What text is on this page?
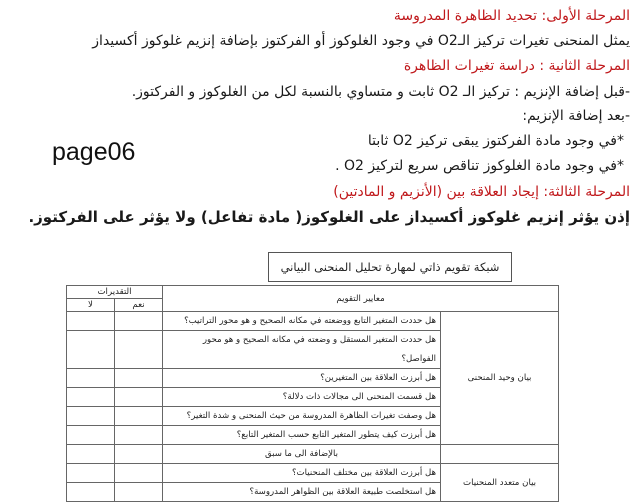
المرحلة الأولى: تحديد الظاهرة المدروسة
يمثل المنحنى تغيرات تركيز الـO2 في وجود الغلوكوز أو الفركتوز بإضافة إنزيم غلوكوز أكسيداز
المرحلة الثانية : دراسة تغيرات الظاهرة
-قبل إضافة الإنزيم : تركيز الـ O2 ثابت و متساوي بالنسبة لكل من الغلوكوز و الفركتوز.
-بعد إضافة الإنزيم:
*في وجود مادة الفركتوز يبقى تركيز O2 ثابتا
*في وجود مادة الغلوكوز تناقص سريع لتركيز O2 .
المرحلة الثالثة: إيجاد العلاقة بين (الأنزيم و المادتين)
إذن يؤثر إنزيم غلوكوز أكسيداز على الغلوكوز( مادة تفاعل) ولا يؤثر على الفركتوز.
page06
شبكة تقويم ذاتي لمهارة تحليل المنحنى البياني
معايير التقويم		التقديرات	
		نعم	لا
بيان وحيد المنحنى	هل حددت المتغير التابع ووضعته في مكانه الصحيح و هو محور التراتيب؟		
	هل حددت المتغير المستقل و وضعته في مكانه الصحيح و هو محور		
	الفواصل؟		
	هل أبرزت العلاقة بين المتغيرين؟		
	هل قسمت المنحنى الى مجالات ذات دلالة؟		
	هل وصفت تغيرات الظاهرة المدروسة من حيث المنحنى و شدة التغير؟		
	هل أبرزت كيف يتطور المتغير التابع حسب المتغير التابع؟		
	بالإضافة الى ما سبق		
بيان متعدد المنحنيات	هل أبرزت العلاقة بين مختلف المنحنيات؟		
	هل استخلصت طبيعة العلاقة بين الظواهر المدروسة؟		
